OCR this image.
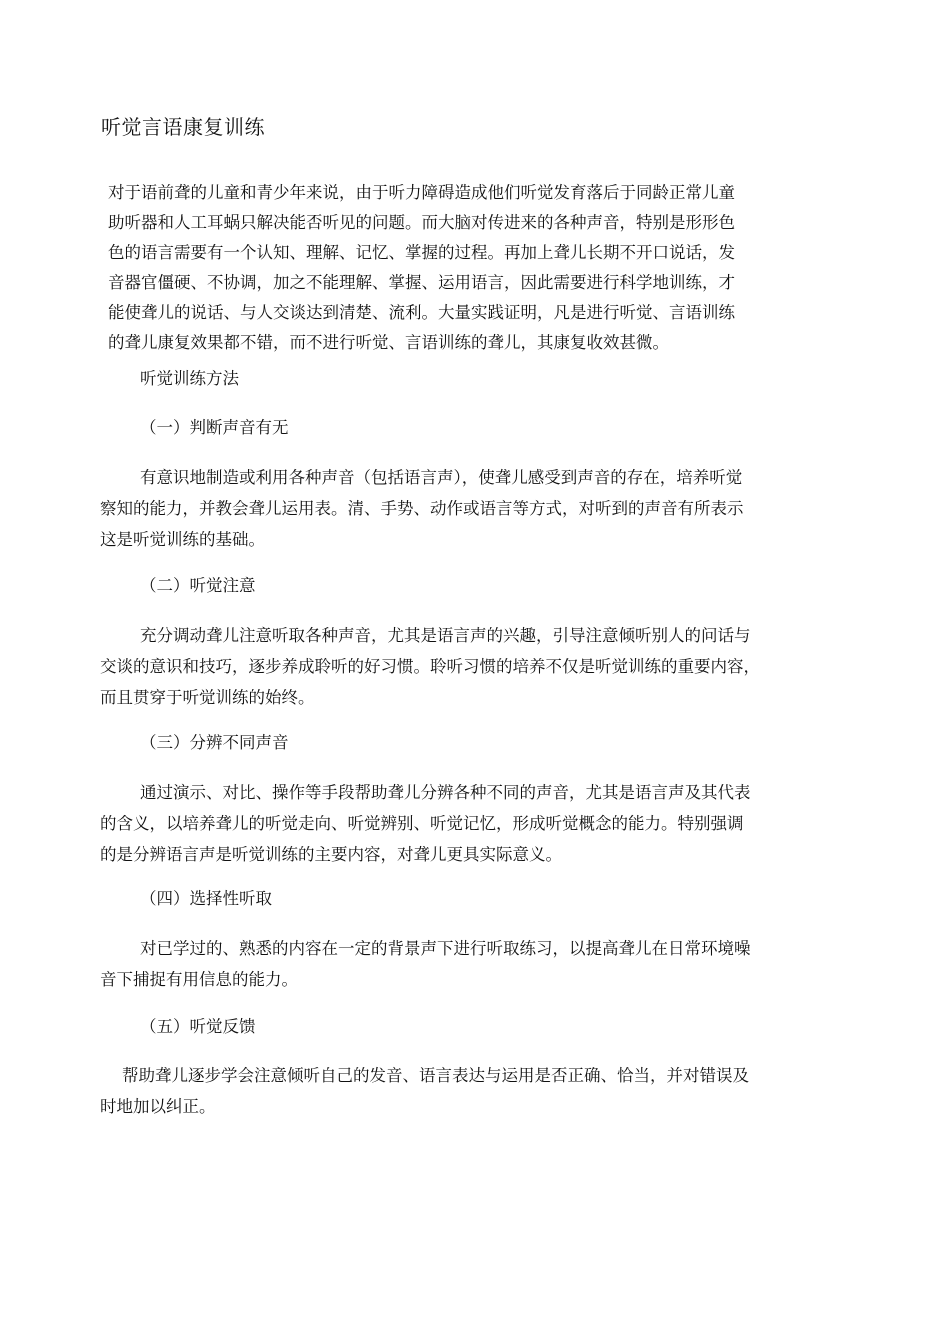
听觉言语康复训练
对于语前聋的儿童和青少年来说，由于听力障碍造成他们听觉发育落后于同龄正常儿童
助听器和人工耳蜗只解决能否听见的问题。而大脑对传进来的各种声音，特别是形形色
色的语言需要有一个认知、理解、记忆、掌握的过程。再加上聋儿长期不开口说话，发
音器官僵硬、不协调，加之不能理解、掌握、运用语言，因此需要进行科学地训练，才
能使聋儿的说话、与人交谈达到清楚、流利。大量实践证明，凡是进行听觉、言语训练
的聋儿康复效果都不错，而不进行听觉、言语训练的聋儿，其康复收效甚微。

听觉训练方法

（一）判断声音有无

有意识地制造或利用各种声音（包括语言声），使聋儿感受到声音的存在，培养听觉
察知的能力，并教会聋儿运用表。清、手势、动作或语言等方式，对听到的声音有所表示
这是听觉训练的基础。

（二）听觉注意

充分调动聋儿注意听取各种声音，尤其是语言声的兴趣，引导注意倾听别人的问话与
交谈的意识和技巧，逐步养成聆听的好习惯。聆听习惯的培养不仅是听觉训练的重要内容，
而且贯穿于听觉训练的始终。

（三）分辨不同声音

通过演示、对比、操作等手段帮助聋儿分辨各种不同的声音，尤其是语言声及其代表
的含义，以培养聋儿的听觉走向、听觉辨别、听觉记忆，形成听觉概念的能力。特别强调
的是分辨语言声是听觉训练的主要内容，对聋儿更具实际意义。

（四）选择性听取

对已学过的、熟悉的内容在一定的背景声下进行听取练习，以提高聋儿在日常环境噪
音下捕捉有用信息的能力。

（五）听觉反馈

帮助聋儿逐步学会注意倾听自己的发音、语言表达与运用是否正确、恰当，并对错误及
时地加以纠正。
